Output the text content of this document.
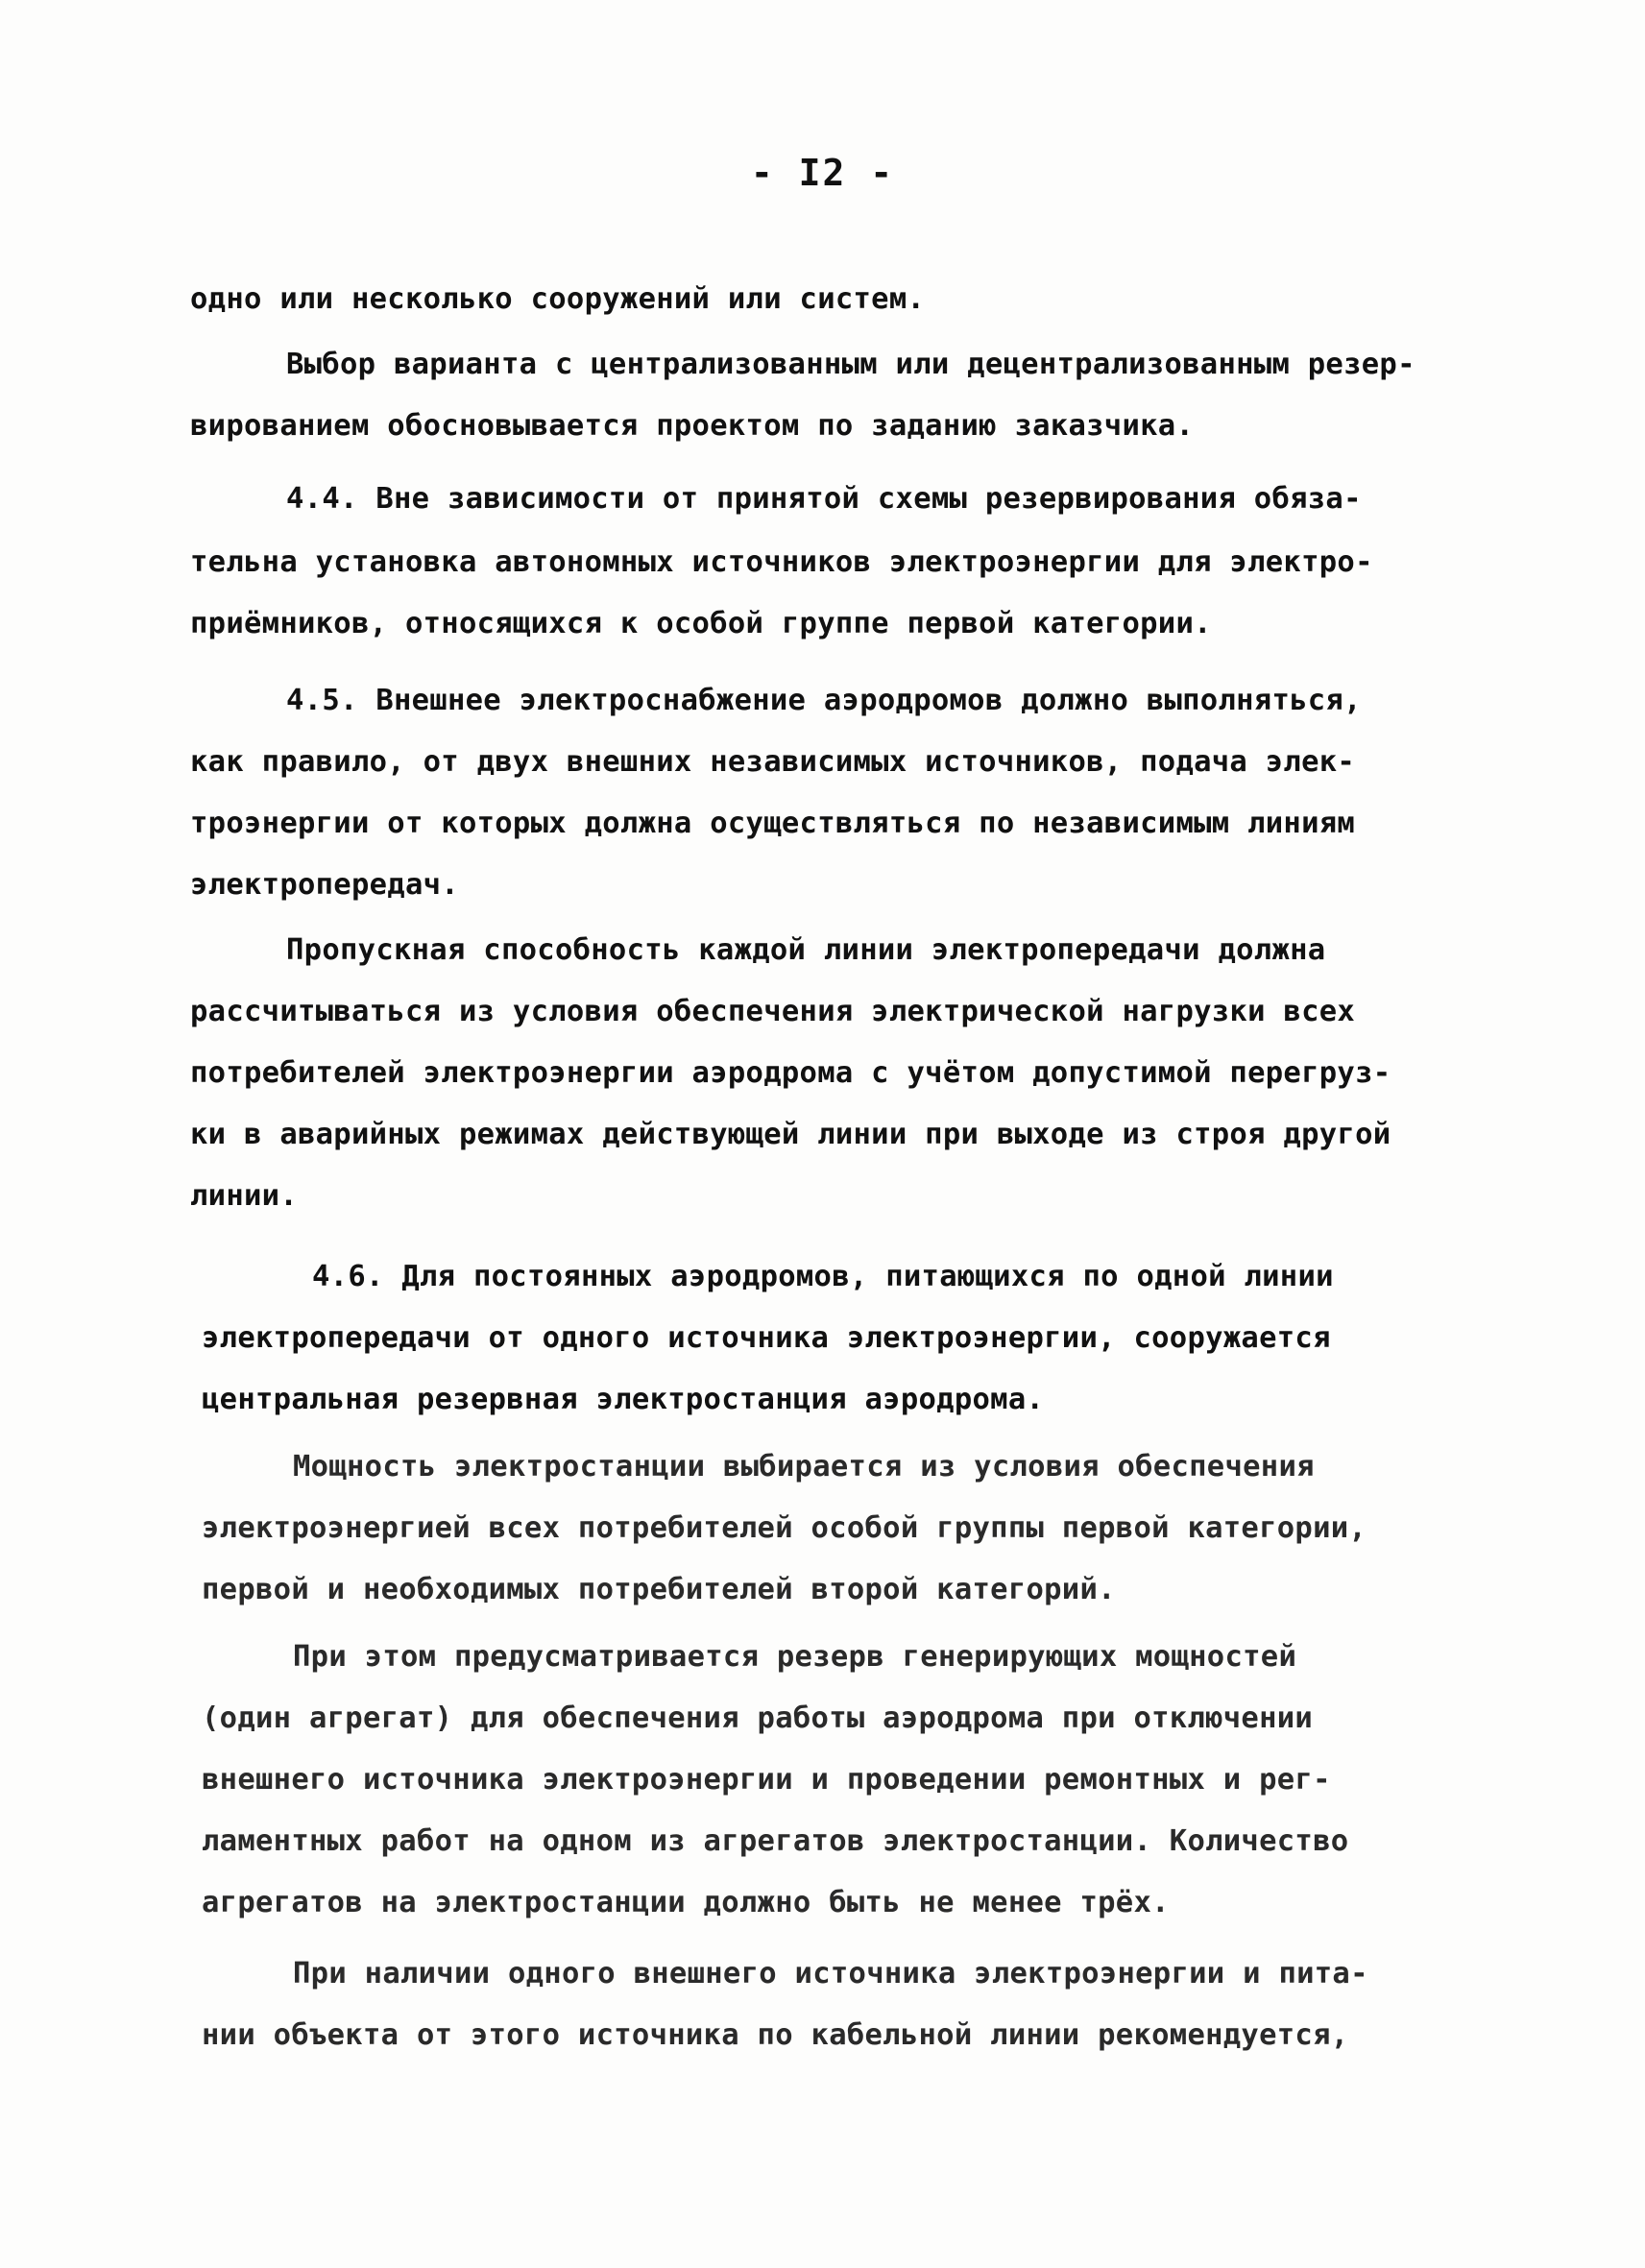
- I2 -
одно или несколько сооружений или систем.
Выбор варианта с централизованным или децентрализованным резер-
вированием обосновывается проектом по заданию заказчика.
4.4. Вне зависимости от принятой схемы резервирования обяза-
тельна установка автономных источников электроэнергии для электро-
приёмников, относящихся к особой группе первой категории.
4.5. Внешнее электроснабжение аэродромов должно выполняться,
как правило, от двух внешних независимых источников, подача элек-
троэнергии от которых должна осуществляться по независимым линиям
электропередач.
Пропускная способность каждой линии электропередачи должна
рассчитываться из условия обеспечения электрической нагрузки всех
потребителей электроэнергии аэродрома с учётом допустимой перегруз-
ки в аварийных режимах действующей линии при выходе из строя другой
линии.
4.6. Для постоянных аэродромов, питающихся по одной линии
электропередачи от одного источника электроэнергии, сооружается
центральная резервная электростанция аэродрома.
Мощность электростанции выбирается из условия обеспечения
электроэнергией всех потребителей особой группы первой категории,
первой и необходимых потребителей второй категорий.
При этом предусматривается резерв генерирующих мощностей
(один агрегат) для обеспечения работы аэродрома при отключении
внешнего источника электроэнергии и проведении ремонтных и рег-
ламентных работ на одном из агрегатов электростанции. Количество
агрегатов на электростанции должно быть не менее трёх.
При наличии одного внешнего источника электроэнергии и пита-
нии объекта от этого источника по кабельной линии рекомендуется,
